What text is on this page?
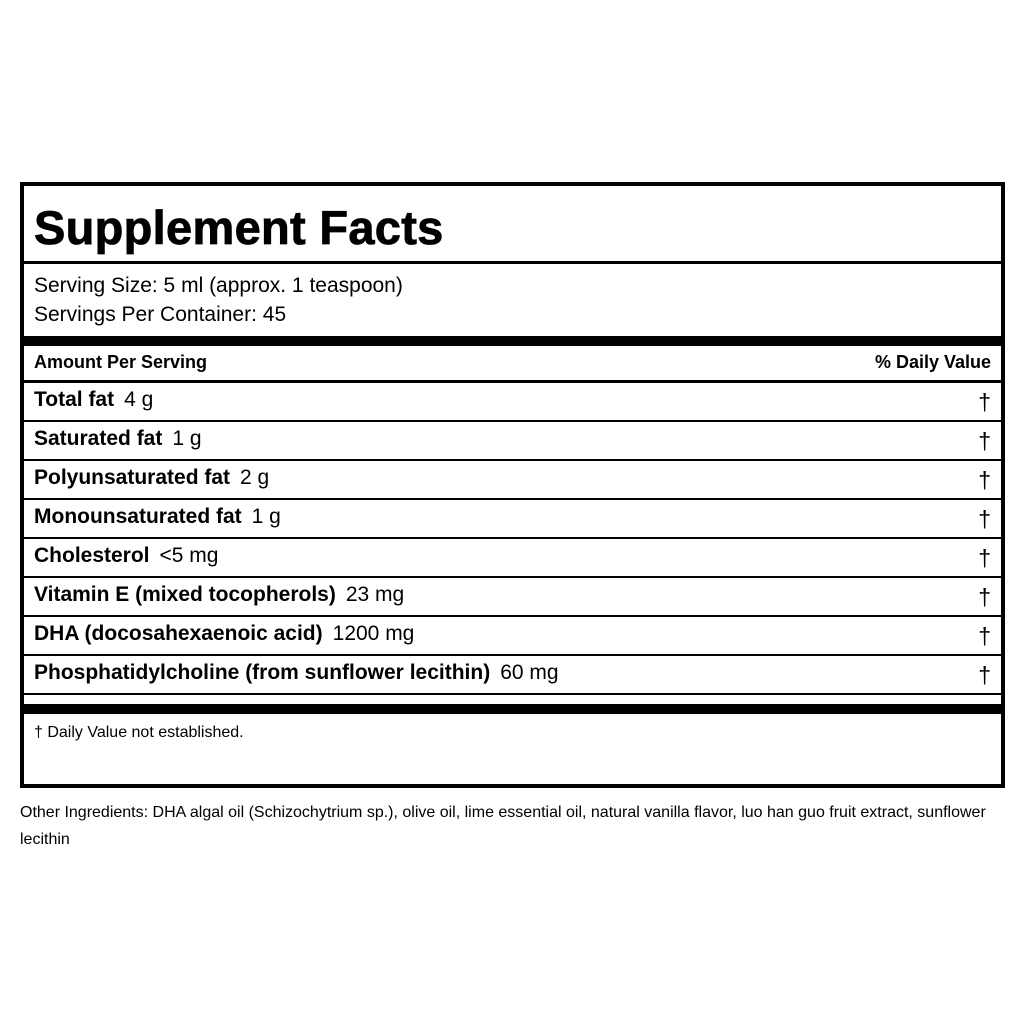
Supplement Facts
Serving Size: 5 ml (approx. 1 teaspoon)
Servings Per Container: 45
Amount Per Serving	% Daily Value
Total fat 4 g	†
Saturated fat 1 g	†
Polyunsaturated fat 2 g	†
Monounsaturated fat 1 g	†
Cholesterol <5 mg	†
Vitamin E (mixed tocopherols) 23 mg	†
DHA (docosahexaenoic acid) 1200 mg	†
Phosphatidylcholine (from sunflower lecithin) 60 mg	†
† Daily Value not established.
Other Ingredients: DHA algal oil (Schizochytrium sp.), olive oil, lime essential oil, natural vanilla flavor, luo han guo fruit extract, sunflower lecithin
